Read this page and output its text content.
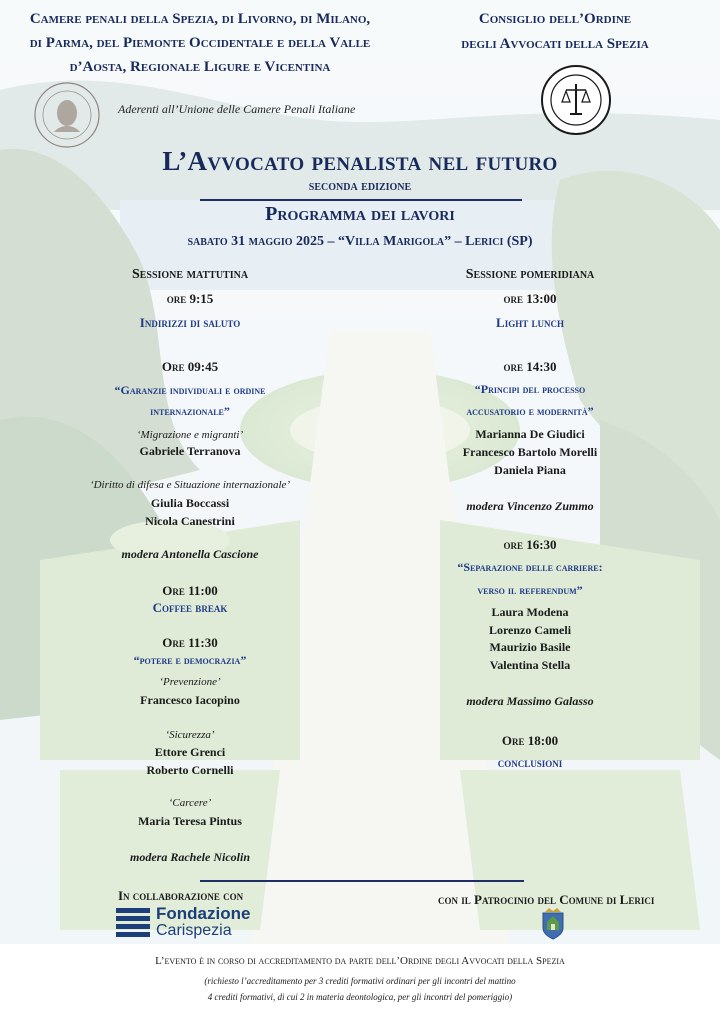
Camere penali della Spezia, di Livorno, di Milano,
di Parma, del Piemonte Occidentale e della Valle
d’Aosta, Regionale Ligure e Vicentina
Consiglio dell’Ordine
degli Avvocati della Spezia
Aderenti all’Unione delle Camere Penali Italiane
L’Avvocato penalista nel futuro
seconda edizione
Programma dei lavori
sabato 31 maggio 2025 – “Villa Marigola” – Lerici (SP)
Sessione mattutina
ore 9:15
Indirizzi di saluto
Ore 09:45
“Garanzie individuali e ordine
internazionale”
‘Migrazione e migranti’
Gabriele Terranova
‘Diritto di difesa e Situazione internazionale’
Giulia Boccassi
Nicola Canestrini
modera Antonella Cascione
Ore 11:00
Coffee break
Ore 11:30
“potere e democrazia”
‘Prevenzione’
Francesco Iacopino
‘Sicurezza’
Ettore Grenci
Roberto Cornelli
‘Carcere’
Maria Teresa Pintus
modera Rachele Nicolin
Sessione pomeridiana
ore 13:00
Light lunch
ore 14:30
“Principi del processo
accusatorio e modernità”
Marianna De Giudici
Francesco Bartolo Morelli
Daniela Piana
modera Vincenzo Zummo
ore 16:30
“Separazione delle carriere:
verso il referendum”
Laura Modena
Lorenzo Cameli
Maurizio Basile
Valentina Stella
modera Massimo Galasso
Ore 18:00
conclusioni
In collaborazione con
Fondazione
Carispezia
con il Patrocinio del Comune di Lerici
L’evento è in corso di accreditamento da parte dell’Ordine degli Avvocati della Spezia
(richiesto l’accreditamento per 3 crediti formativi ordinari per gli incontri del mattino
4 crediti formativi, di cui 2 in materia deontologica, per gli incontri del pomeriggio)
